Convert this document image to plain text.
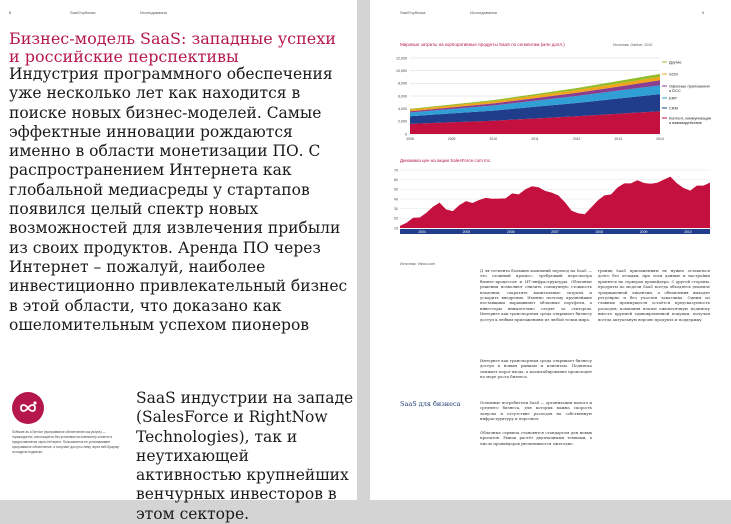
8	SaaS'публика	Исследования
Бизнес-модель SaaS: западные успехи и российские перспективы
Индустрия программного обеспечения уже несколько лет как находится в поиске новых бизнес-моделей. Самые эффектные инновации рождаются именно в области монетизации ПО. С распространением Интернета как глобальной медиасреды у стартапов появился целый спектр новых возможностей для извлечения прибыли из своих продуктов. Аренда ПО через Интернет – пожалуй, наиболее инвестиционно привлекательный бизнес в этой области, что доказано как ошеломительным успехом пионеров
Software as a Service (программное обеспечение как услуга) — тиражируется, используется без установки на компьютер клиента и предоставляется через Интернет. Пользователь не устанавливает программное обеспечение, а получает доступ к нему через веб-браузер по модели подписки.
SaaS индустрии на западе (SalesForce и RightNow Technologies), так и неутихающей активностью крупнейших венчурных инвесторов в этом секторе.
SaaS'публика	Исследования	9
Мировые затраты на корпоративные продукты SaaS по сегментам (млн долл.)	Источник: Gartner, 2010
0
2,000
4,000
6,000
8,000
10,000
12,000
2008	2009	2010	2011	2012	2013	2014
Другие
SCM
Офисные приложения
и DCC
ERP
CRM
Контент, коммуникации
и взаимодействие
Динамика цен на акции SalesForce.com Inc.
10
20
30
40
50
60
70
2004	2005	2006	2007	2008	2009	2010
Источник: Yahoo.com
Д ля сегмента больших компаний переход на SaaS — это сложный процесс, требующий пересмотра бизнес-процессов и ИТ-инфраструктуры. Облачные решения позволяют снизить совокупную стоимость владения, сократить капитальные затраты и ускорить внедрение. Именно поэтому крупнейшие поставщики наращивают облачные портфели, а инвесторы внимательно следят за сектором. Интернет как транспортная среда открывает бизнесу доступ к любым приложениям из любой точки мира.
Интернет как транспортная среда открывает бизнесу доступ к новым рынкам и клиентам. Подписка снижает порог входа, а масштабирование происходит по мере роста бизнеса.
SaaS для бизнеса	Основные потребители SaaS — организации малого и среднего бизнеса, для которых важна скорость запуска и отсутствие расходов на собственную инфраструктуру и персонал.
Облачные сервисы становятся стандартом для новых проектов. Рынок растёт двузначными темпами, а число провайдеров увеличивается ежегодно.
границ SaaS приложениям не нужно оставаться долго без отладки, при этом данные и настройки хранятся на серверах провайдера. С другой стороны, продукты по модели SaaS всегда обходятся дешевле традиционной лицензии, а обновления выходят регулярно и без участия заказчика. Одним из главных преимуществ остаётся предсказуемость расходов: компания платит ежемесячную подписку вместо крупной единовременной покупки, получая всегда актуальную версию продукта и поддержку.
